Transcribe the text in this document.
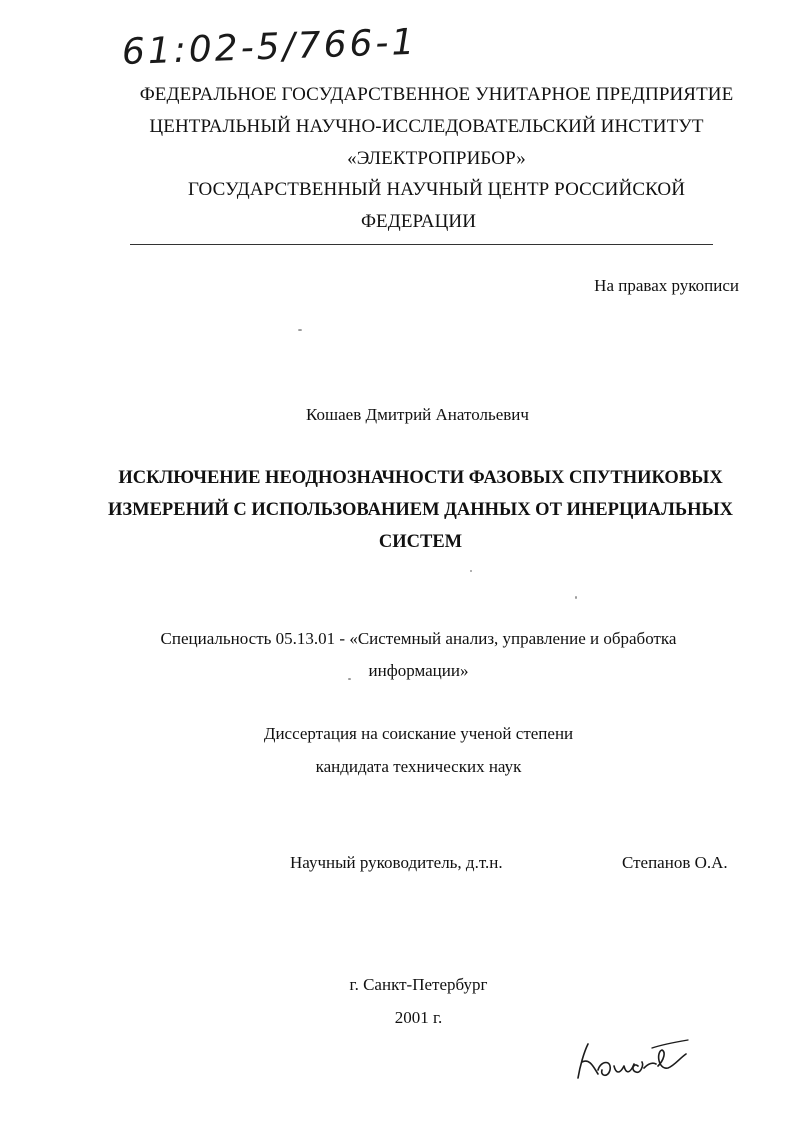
61:02-5/766-1
ФЕДЕРАЛЬНОЕ ГОСУДАРСТВЕННОЕ УНИТАРНОЕ ПРЕДПРИЯТИЕ
ЦЕНТРАЛЬНЫЙ НАУЧНО-ИССЛЕДОВАТЕЛЬСКИЙ ИНСТИТУТ
«ЭЛЕКТРОПРИБОР»
ГОСУДАРСТВЕННЫЙ НАУЧНЫЙ ЦЕНТР РОССИЙСКОЙ
ФЕДЕРАЦИИ
На правах рукописи
Кошаев Дмитрий Анатольевич
ИСКЛЮЧЕНИЕ НЕОДНОЗНАЧНОСТИ ФАЗОВЫХ СПУТНИКОВЫХ
ИЗМЕРЕНИЙ С ИСПОЛЬЗОВАНИЕМ ДАННЫХ ОТ ИНЕРЦИАЛЬНЫХ
СИСТЕМ
Специальность 05.13.01 - «Системный анализ, управление и обработка
информации»
Диссертация на соискание ученой степени
кандидата технических наук
Научный руководитель, д.т.н.	Степанов О.А.
г. Санкт-Петербург
2001 г.
